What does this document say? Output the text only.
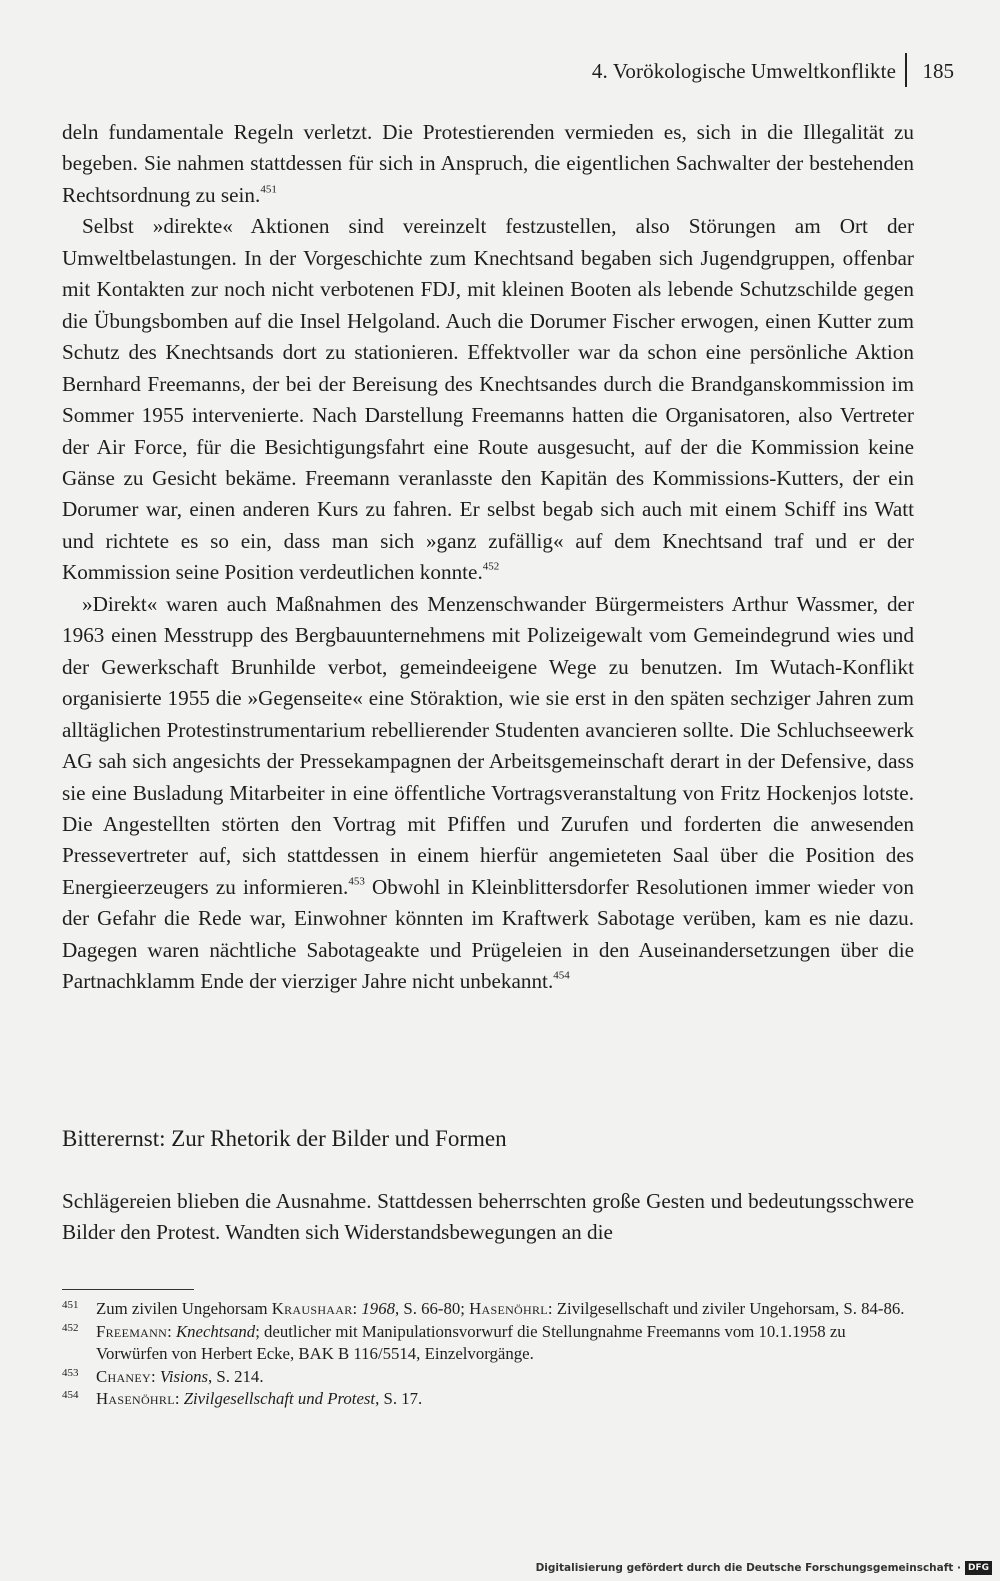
4. Vorökologische Umweltkonflikte 185

deln fundamentale Regeln verletzt. Die Protestierenden vermieden es, sich in die Illegalität zu begeben. Sie nahmen stattdessen für sich in Anspruch, die eigentlichen Sachwalter der bestehenden Rechtsordnung zu sein.$^{451}$

Selbst »direkte« Aktionen sind vereinzelt festzustellen, also Störungen am Ort der Umweltbelastungen. In der Vorgeschichte zum Knechtsand begaben sich Jugendgruppen, offenbar mit Kontakten zur noch nicht verbotenen FDJ, mit kleinen Booten als lebende Schutzschilde gegen die Übungsbomben auf die Insel Helgoland. Auch die Dorumer Fischer erwogen, einen Kutter zum Schutz des Knechtsands dort zu stationieren. Effektvoller war da schon eine persönliche Aktion Bernhard Freemanns, der bei der Bereisung des Knechtsandes durch die Brandganskommission im Sommer 1955 intervenierte. Nach Darstellung Freemanns hatten die Organisatoren, also Vertreter der Air Force, für die Besichtigungsfahrt eine Route ausgesucht, auf der die Kommission keine Gänse zu Gesicht bekäme. Freemann veranlasste den Kapitän des Kommissions-Kutters, der ein Dorumer war, einen anderen Kurs zu fahren. Er selbst begab sich auch mit einem Schiff ins Watt und richtete es so ein, dass man sich »ganz zufällig« auf dem Knechtsand traf und er der Kommission seine Position verdeutlichen konnte.$^{452}$

»Direkt« waren auch Maßnahmen des Menzenschwander Bürgermeisters Arthur Wassmer, der 1963 einen Messtrupp des Bergbauunternehmens mit Polizeigewalt vom Gemeindegrund wies und der Gewerkschaft Brunhilde verbot, gemeindeeigene Wege zu benutzen. Im Wutach-Konflikt organisierte 1955 die »Gegenseite« eine Störaktion, wie sie erst in den späten sechziger Jahren zum alltäglichen Protestinstrumentarium rebellierender Studenten avancieren sollte. Die Schluchseewerk AG sah sich angesichts der Pressekampagnen der Arbeitsgemeinschaft derart in der Defensive, dass sie eine Busladung Mitarbeiter in eine öffentliche Vortragsveranstaltung von Fritz Hockenjos lotste. Die Angestellten störten den Vortrag mit Pfiffen und Zurufen und forderten die anwesenden Pressevertreter auf, sich stattdessen in einem hierfür angemieteten Saal über die Position des Energieerzeugers zu informieren.$^{453}$ Obwohl in Kleinblittersdorfer Resolutionen immer wieder von der Gefahr die Rede war, Einwohner könnten im Kraftwerk Sabotage verüben, kam es nie dazu. Dagegen waren nächtliche Sabotageakte und Prügeleien in den Auseinandersetzungen über die Partnachklamm Ende der vierziger Jahre nicht unbekannt.$^{454}$

Bitterernst: Zur Rhetorik der Bilder und Formen

Schlägereien blieben die Ausnahme. Stattdessen beherrschten große Gesten und bedeutungsschwere Bilder den Protest. Wandten sich Widerstandsbewegungen an die

451 Zum zivilen Ungehorsam Kraushaar: 1968, S. 66-80; Hasenöhrl: Zivilgesellschaft und ziviler Ungehorsam, S. 84-86.

452 Freemann: Knechtsand; deutlicher mit Manipulationsvorwurf die Stellungnahme Freemanns vom 10.1.1958 zu Vorwürfen von Herbert Ecke, BAK B 116/5514, Einzelvorgänge.

453 Chaney: Visions, S. 214.

454 Hasenöhrl: Zivilgesellschaft und Protest, S. 17.

Digitalisierung gefördert durch die Deutsche Forschungsgemeinschaft · DFG
